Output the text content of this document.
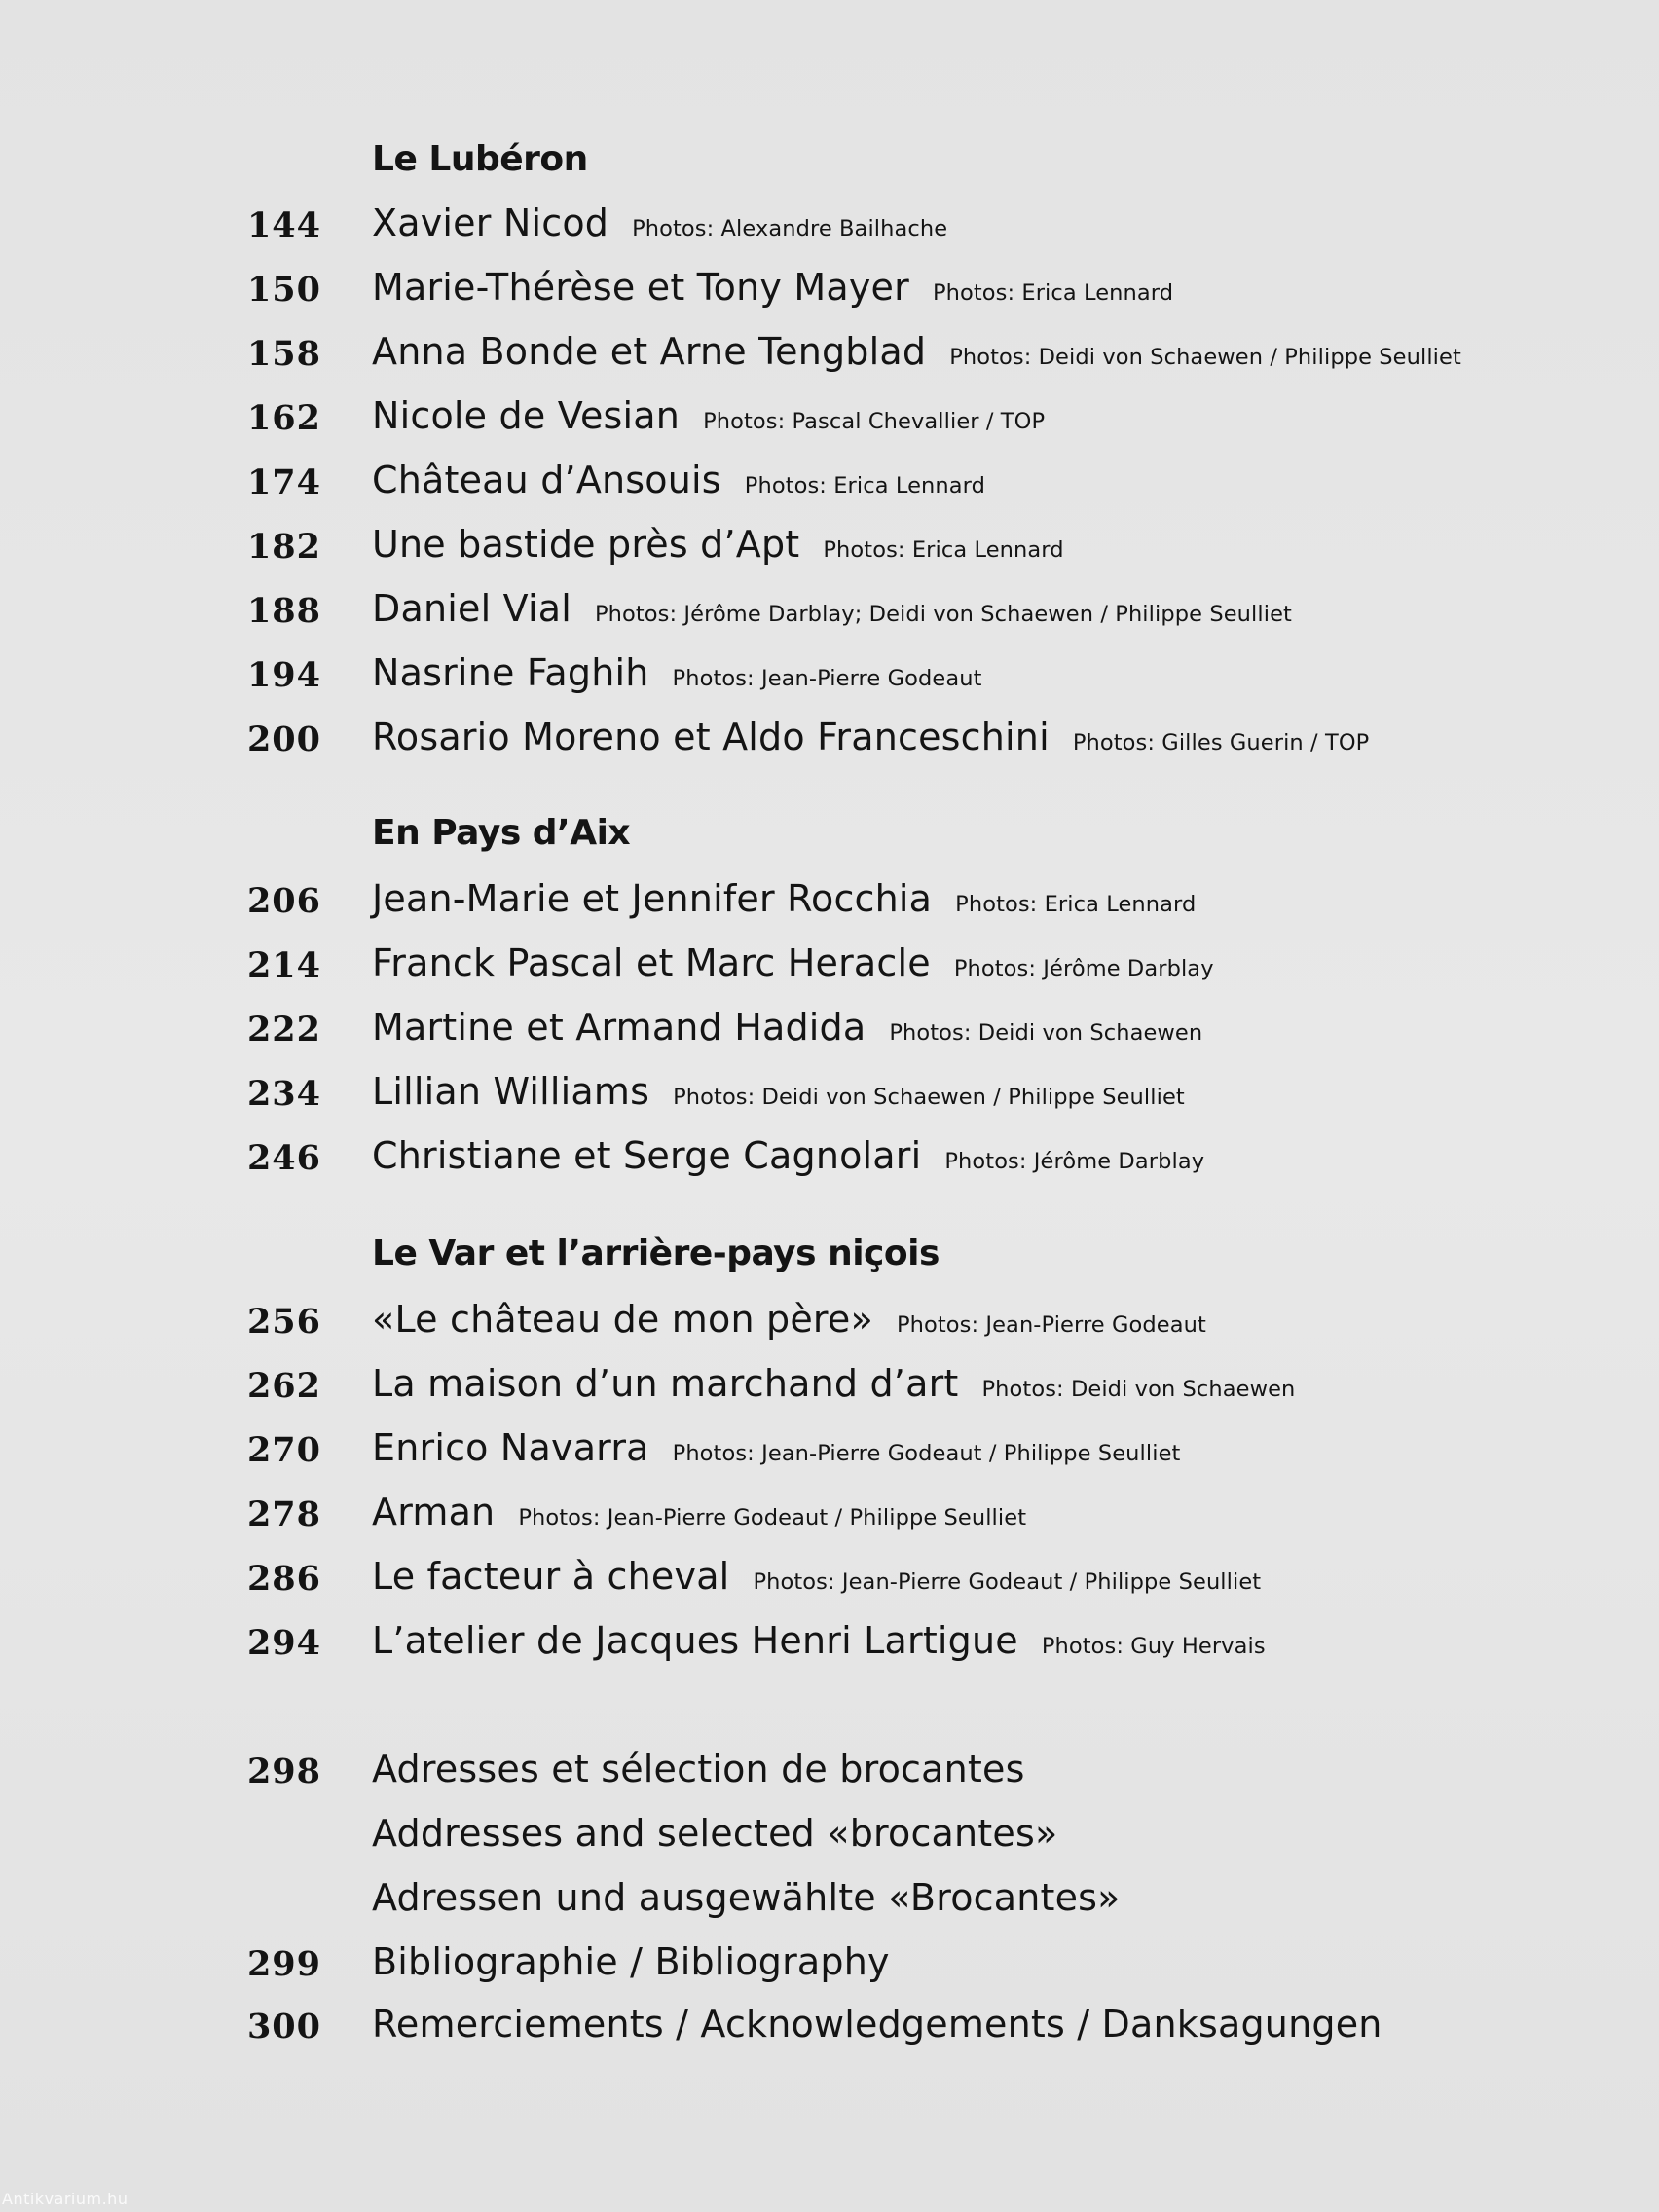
Le Lubéron
144 Xavier Nicod Photos: Alexandre Bailhache
150 Marie-Thérèse et Tony Mayer Photos: Erica Lennard
158 Anna Bonde et Arne Tengblad Photos: Deidi von Schaewen / Philippe Seulliet
162 Nicole de Vesian Photos: Pascal Chevallier / TOP
174 Château d’Ansouis Photos: Erica Lennard
182 Une bastide près d’Apt Photos: Erica Lennard
188 Daniel Vial Photos: Jérôme Darblay; Deidi von Schaewen / Philippe Seulliet
194 Nasrine Faghih Photos: Jean-Pierre Godeaut
200 Rosario Moreno et Aldo Franceschini Photos: Gilles Guerin / TOP
En Pays d’Aix
206 Jean-Marie et Jennifer Rocchia Photos: Erica Lennard
214 Franck Pascal et Marc Heracle Photos: Jérôme Darblay
222 Martine et Armand Hadida Photos: Deidi von Schaewen
234 Lillian Williams Photos: Deidi von Schaewen / Philippe Seulliet
246 Christiane et Serge Cagnolari Photos: Jérôme Darblay
Le Var et l’arrière-pays niçois
256 «Le château de mon père» Photos: Jean-Pierre Godeaut
262 La maison d’un marchand d’art Photos: Deidi von Schaewen
270 Enrico Navarra Photos: Jean-Pierre Godeaut / Philippe Seulliet
278 Arman Photos: Jean-Pierre Godeaut / Philippe Seulliet
286 Le facteur à cheval Photos: Jean-Pierre Godeaut / Philippe Seulliet
294 L’atelier de Jacques Henri Lartigue Photos: Guy Hervais
298 Adresses et sélection de brocantes
Addresses and selected «brocantes»
Adressen und ausgewählte «Brocantes»
299 Bibliographie / Bibliography
300 Remerciements / Acknowledgements / Danksagungen
Antikvarium.hu
